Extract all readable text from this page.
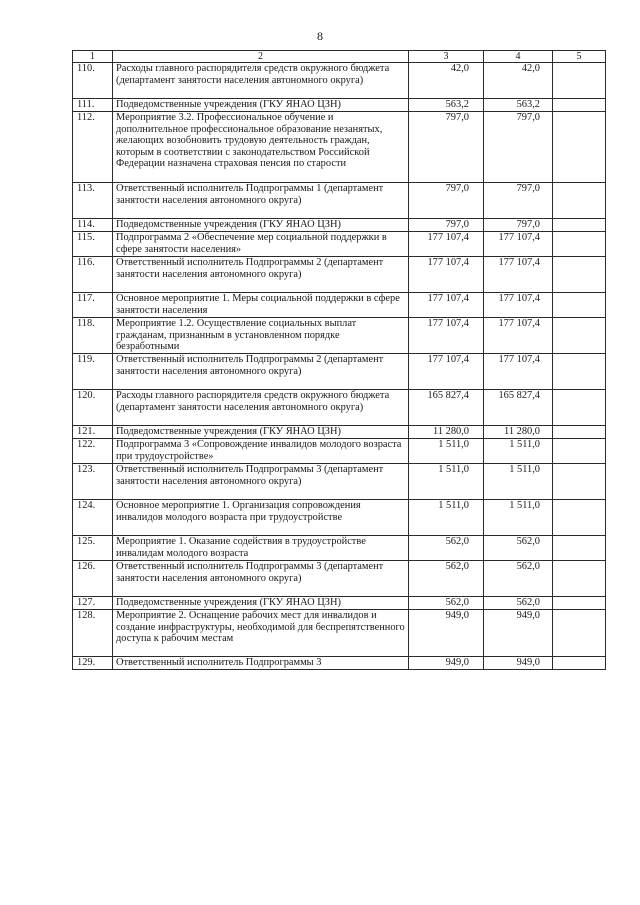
8
1	2	3	4	5
110.	Расходы главного распорядителя средств окружного бюджета (департамент занятости населения автономного округа)	42,0	42,0	
111.	Подведомственные учреждения (ГКУ ЯНАО ЦЗН)	563,2	563,2	
112.	Мероприятие 3.2. Профессиональное обучение и дополнительное профессиональное образование незанятых, желающих возобновить трудовую деятельность граждан, которым в соответствии с законодательством Российской Федерации назначена страховая пенсия по старости	797,0	797,0	
113.	Ответственный исполнитель Подпрограммы 1 (департамент занятости населения автономного округа)	797,0	797,0	
114.	Подведомственные учреждения (ГКУ ЯНАО ЦЗН)	797,0	797,0	
115.	Подпрограмма 2 «Обеспечение мер социальной поддержки в сфере занятости населения»	177 107,4	177 107,4	
116.	Ответственный исполнитель Подпрограммы 2 (департамент занятости населения автономного округа)	177 107,4	177 107,4	
117.	Основное мероприятие 1. Меры социальной поддержки в сфере занятости населения	177 107,4	177 107,4	
118.	Мероприятие 1.2. Осуществление социальных выплат гражданам, признанным в установленном порядке безработными	177 107,4	177 107,4	
119.	Ответственный исполнитель Подпрограммы 2 (департамент занятости населения автономного округа)	177 107,4	177 107,4	
120.	Расходы главного распорядителя средств окружного бюджета (департамент занятости населения автономного округа)	165 827,4	165 827,4	
121.	Подведомственные учреждения (ГКУ ЯНАО ЦЗН)	11 280,0	11 280,0	
122.	Подпрограмма 3 «Сопровождение инвалидов молодого возраста при трудоустройстве»	1 511,0	1 511,0	
123.	Ответственный исполнитель Подпрограммы 3 (департамент занятости населения автономного округа)	1 511,0	1 511,0	
124.	Основное мероприятие 1. Организация сопровождения инвалидов молодого возраста при трудоустройстве	1 511,0	1 511,0	
125.	Мероприятие 1. Оказание содействия в трудоустройстве инвалидам молодого возраста	562,0	562,0	
126.	Ответственный исполнитель Подпрограммы 3 (департамент занятости населения автономного округа)	562,0	562,0	
127.	Подведомственные учреждения (ГКУ ЯНАО ЦЗН)	562,0	562,0	
128.	Мероприятие 2. Оснащение рабочих мест для инвалидов и создание инфраструктуры, необходимой для беспрепятственного доступа к рабочим местам	949,0	949,0	
129.	Ответственный исполнитель Подпрограммы 3	949,0	949,0	
